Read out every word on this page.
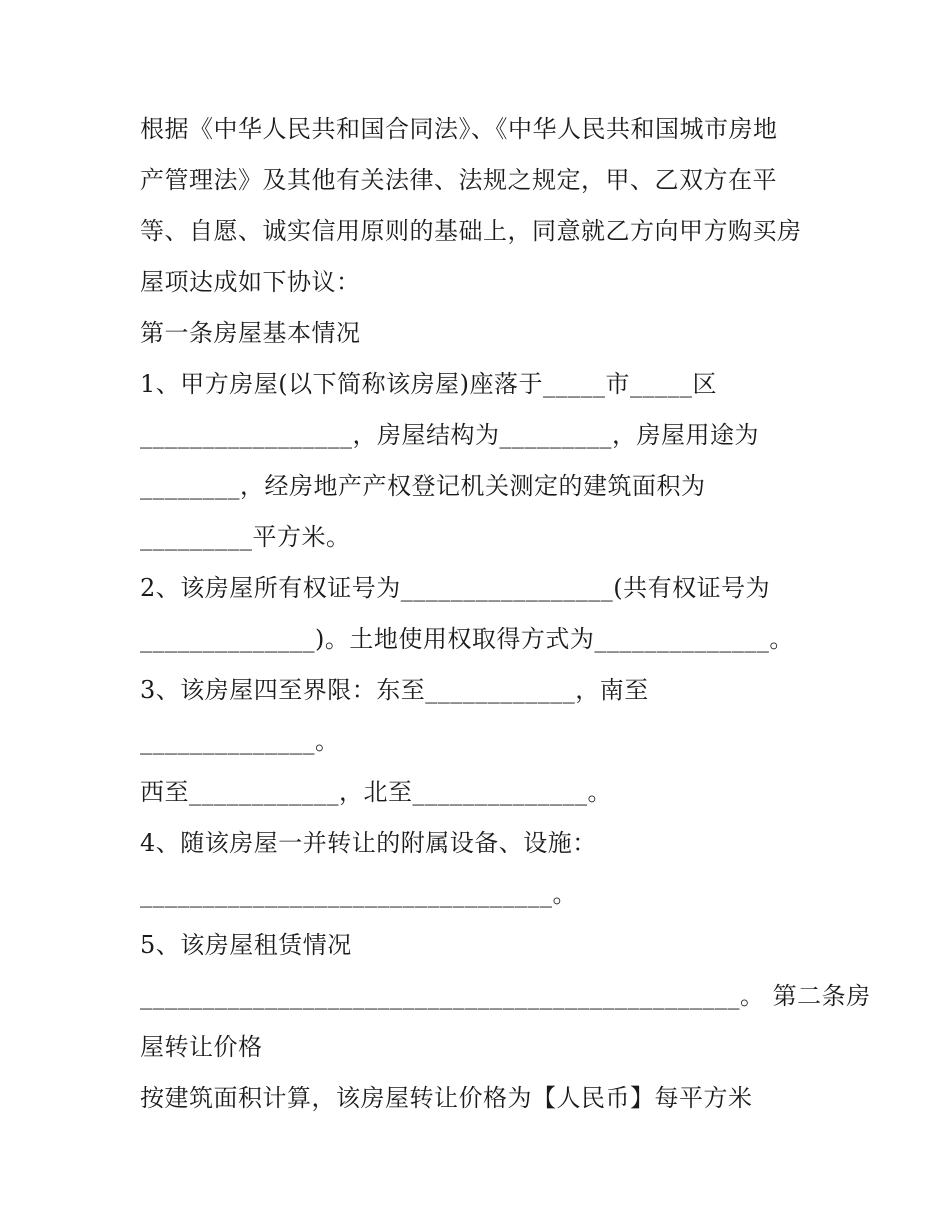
根据《中华人民共和国合同法》、《中华人民共和国城市房地
产管理法》及其他有关法律、法规之规定，甲、乙双方在平
等、自愿、诚实信用原则的基础上，同意就乙方向甲方购买房
屋项达成如下协议：
第一条房屋基本情况
1、甲方房屋(以下简称该房屋)座落于_____市_____区
_________________，房屋结构为_________，房屋用途为
________，经房地产产权登记机关测定的建筑面积为
_________平方米。
2、该房屋所有权证号为_________________(共有权证号为
______________)。土地使用权取得方式为______________。
3、该房屋四至界限：东至____________，南至
______________。
西至____________，北至______________。
4、随该房屋一并转让的附属设备、设施：
_________________________________。
5、该房屋租赁情况
________________________________________________。 第二条房
屋转让价格
按建筑面积计算，该房屋转让价格为【人民币】每平方米
